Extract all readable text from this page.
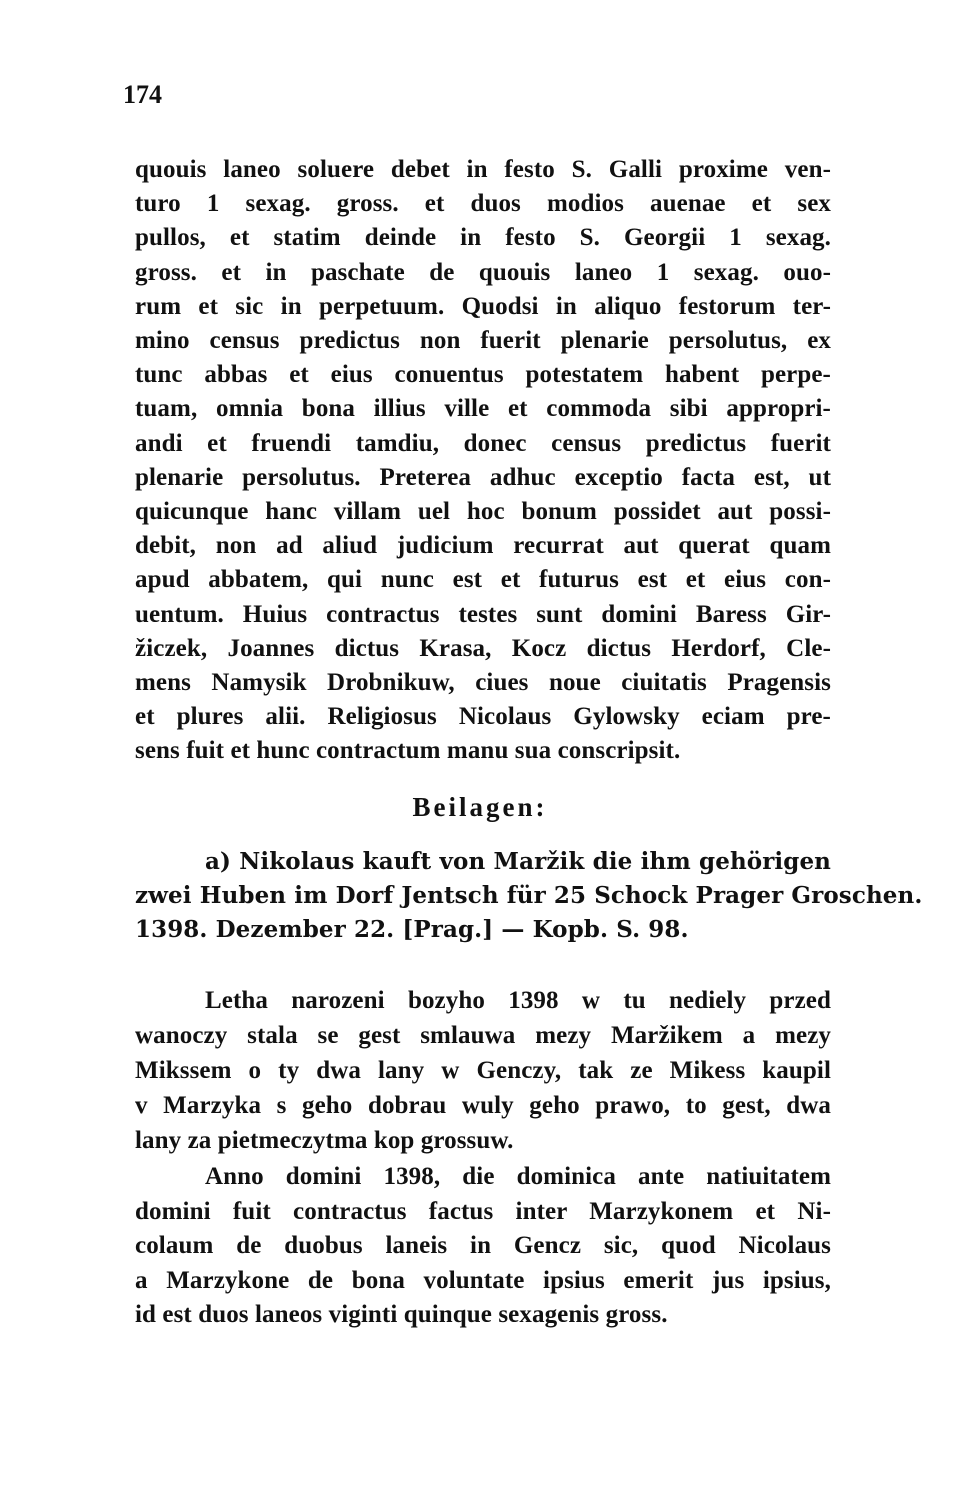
174
quouis laneo soluere debet in festo S. Galli proxime ven-
turo 1 sexag. gross. et duos modios auenae et sex
pullos, et statim deinde in festo S. Georgii 1 sexag.
gross. et in paschate de quouis laneo 1 sexag. ouo-
rum et sic in perpetuum. Quodsi in aliquo festorum ter-
mino census predictus non fuerit plenarie persolutus, ex
tunc abbas et eius conuentus potestatem habent perpe-
tuam, omnia bona illius ville et commoda sibi appropri-
andi et fruendi tamdiu, donec census predictus fuerit
plenarie persolutus. Preterea adhuc exceptio facta est, ut
quicunque hanc villam uel hoc bonum possidet aut possi-
debit, non ad aliud judicium recurrat aut querat quam
apud abbatem, qui nunc est et futurus est et eius con-
uentum. Huius contractus testes sunt domini Baress Gir-
žiczek, Joannes dictus Krasa, Kocz dictus Herdorf, Cle-
mens Namysik Drobnikuw, ciues noue ciuitatis Pragensis
et plures alii. Religiosus Nicolaus Gylowsky eciam pre-
sens fuit et hunc contractum manu sua conscripsit.
Beilagen:
a) Nikolaus kauft von Maržik die ihm gehörigen
zwei Huben im Dorf Jentsch für 25 Schock Prager Groschen.
1398. Dezember 22. [Prag.] — Kopb. S. 98.
Letha narozeni bozyho 1398 w tu nediely przed
wanoczy stala se gest smlauwa mezy Maržikem a mezy
Mikssem o ty dwa lany w Genczy, tak ze Mikess kaupil
v Marzyka s geho dobrau wuly geho prawo, to gest, dwa
lany za pietmeczytma kop grossuw.
Anno domini 1398, die dominica ante natiuitatem
domini fuit contractus factus inter Marzykonem et Ni-
colaum de duobus laneis in Gencz sic, quod Nicolaus
a Marzykone de bona voluntate ipsius emerit jus ipsius,
id est duos laneos viginti quinque sexagenis gross.
